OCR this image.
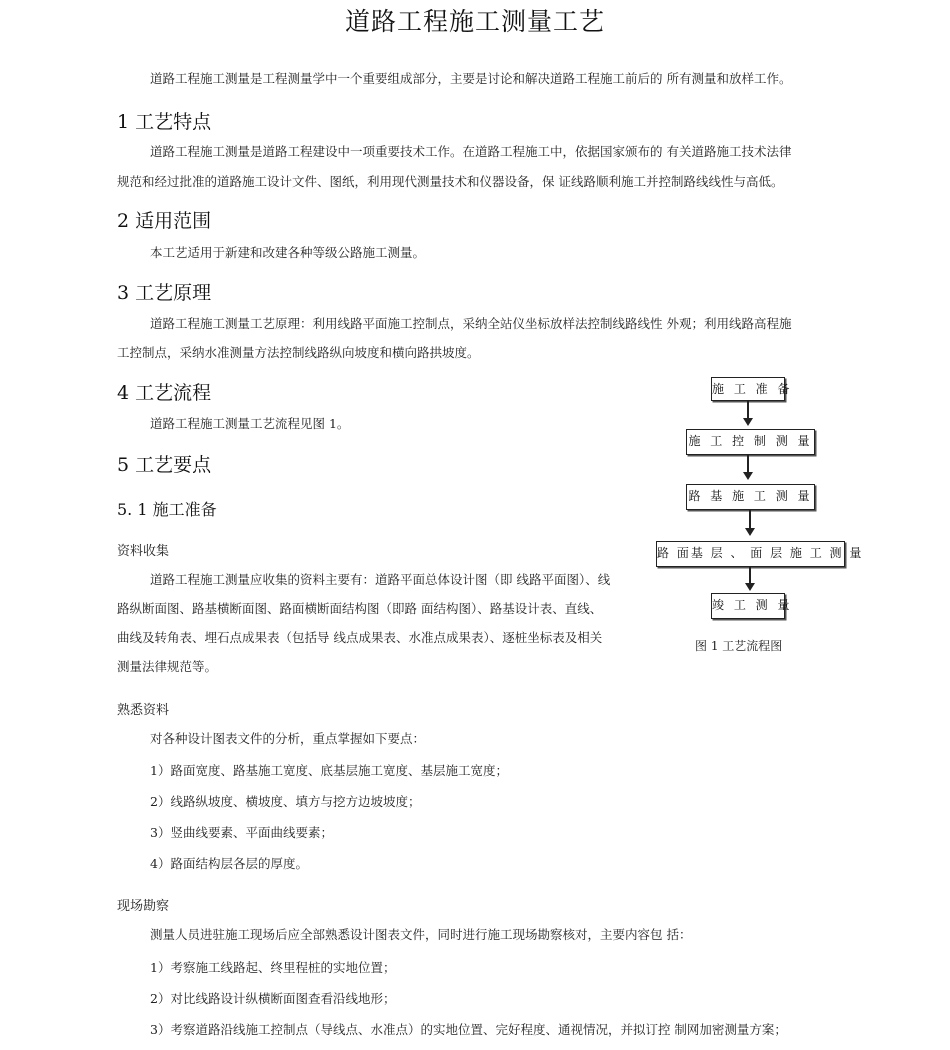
道路工程施工测量工艺
道路工程施工测量是工程测量学中一个重要组成部分，主要是讨论和解决道路工程施工前后的 所有测量和放样工作。
1 工艺特点
道路工程施工测量是道路工程建设中一项重要技术工作。在道路工程施工中，依据国家颁布的 有关道路施工技术法律
规范和经过批准的道路施工设计文件、图纸，利用现代测量技术和仪器设备，保 证线路顺利施工并控制路线线性与高低。
2 适用范围
本工艺适用于新建和改建各种等级公路施工测量。
3 工艺原理
道路工程施工测量工艺原理：利用线路平面施工控制点，采纳全站仪坐标放样法控制线路线性 外观；利用线路高程施
工控制点，采纳水准测量方法控制线路纵向坡度和横向路拱坡度。
4 工艺流程
道路工程施工测量工艺流程见图 1。
5 工艺要点
5. 1 施工准备
资料收集
道路工程施工测量应收集的资料主要有：道路平面总体设计图（即 线路平面图）、线
路纵断面图、路基横断面图、路面横断面结构图（即路 面结构图）、路基设计表、直线、
曲线及转角表、埋石点成果表（包括导 线点成果表、水准点成果表）、逐桩坐标表及相关
测量法律规范等。
熟悉资料
对各种设计图表文件的分析，重点掌握如下要点：
1）路面宽度、路基施工宽度、底基层施工宽度、基层施工宽度；
2）线路纵坡度、横坡度、填方与挖方边坡坡度；
3）竖曲线要素、平面曲线要素；
4）路面结构层各层的厚度。
现场勘察
测量人员进驻施工现场后应全部熟悉设计图表文件，同时进行施工现场勘察核对，主要内容包 括：
1）考察施工线路起、终里程桩的实地位置；
2）对比线路设计纵横断面图查看沿线地形；
3）考察道路沿线施工控制点（导线点、水准点）的实地位置、完好程度、通视情况，并拟订控 制网加密测量方案；
施 工 准 备
施 工 控 制 测 量
路 基 施 工 测 量
路 面基 层 、 面 层 施 工 测 量
竣 工 测 量
图 1 工艺流程图
